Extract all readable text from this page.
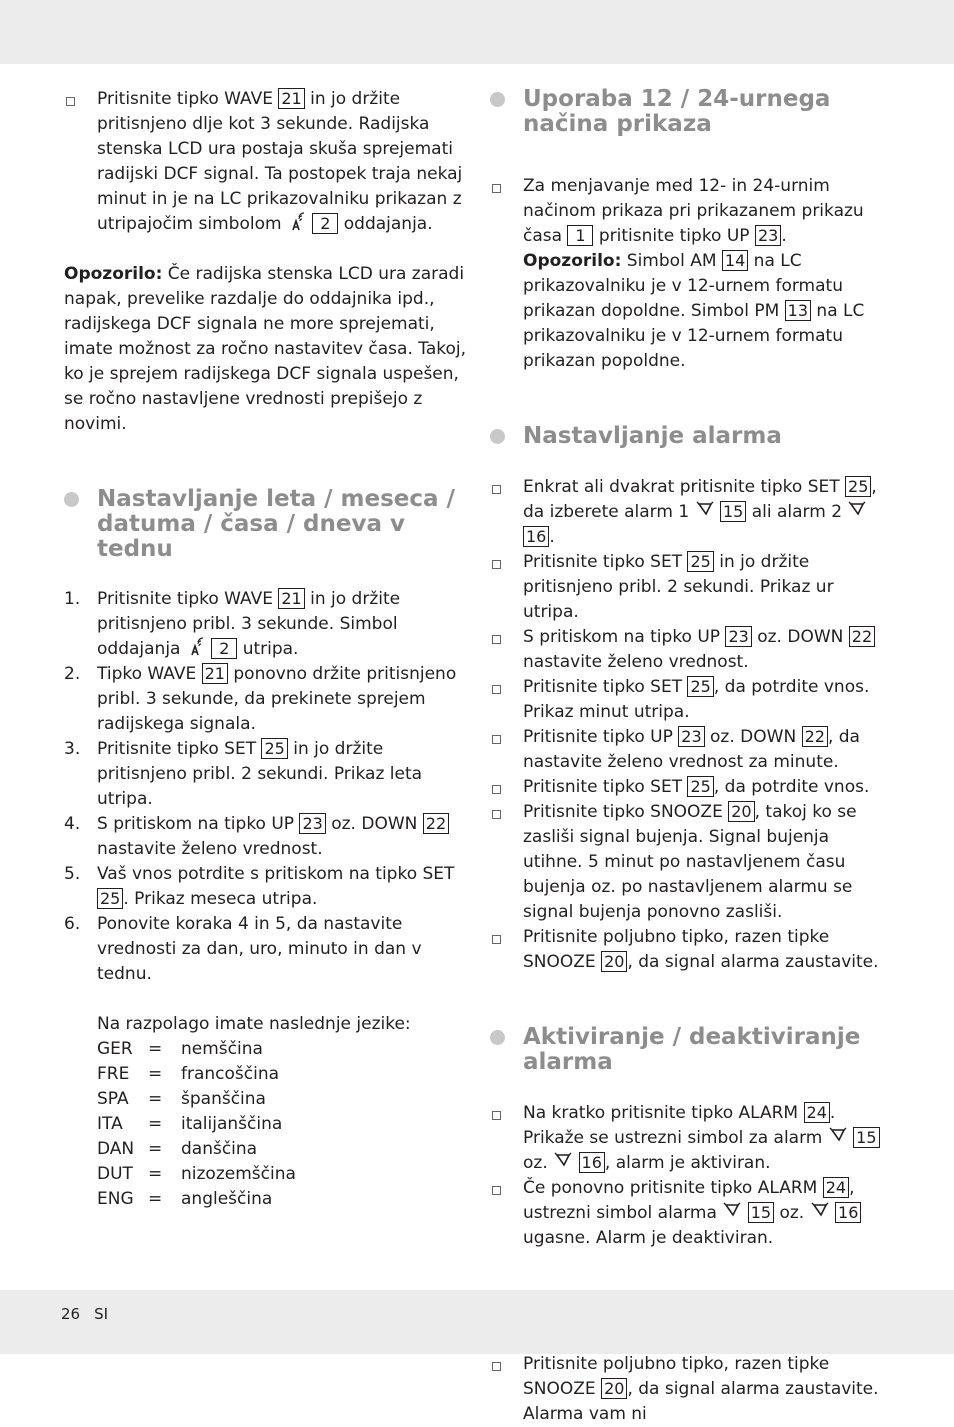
Pritisnite tipko WAVE 21 in jo držite pritisnjeno dlje kot 3 sekunde. Radijska stenska LCD ura postaja skuša sprejemati radijski DCF signal. Ta postopek traja nekaj minut in je na LC prikazovalniku prikazan z utripajočim simbolom 2 oddajanja.

Opozorilo: Če radijska stenska LCD ura zaradi napak, prevelike razdalje do oddajnika ipd., radijskega DCF signala ne more sprejemati, imate možnost za ročno nastavitev časa. Takoj, ko je sprejem radijskega DCF signala uspešen, se ročno nastavljene vrednosti prepišejo z novimi.

Nastavljanje leta / meseca / datuma / časa / dneva v tednu
1. Pritisnite tipko WAVE 21 in jo držite pritisnjeno pribl. 3 sekunde. Simbol oddajanja 2 utripa.
2. Tipko WAVE 21 ponovno držite pritisnjeno pribl. 3 sekunde, da prekinete sprejem radijskega signala.
3. Pritisnite tipko SET 25 in jo držite pritisnjeno pribl. 2 sekundi. Prikaz leta utripa.
4. S pritiskom na tipko UP 23 oz. DOWN 22 nastavite želeno vrednost.
5. Vaš vnos potrdite s pritiskom na tipko SET 25 . Prikaz meseca utripa.
6. Ponovite koraka 4 in 5, da nastavite vrednosti za dan, uro, minuto in dan v tednu.
Na razpolago imate naslednje jezike:
GER =	nemščina
FRE	=	francoščina
SPA	=	španščina
ITA	=	italijanščina
DAN =	danščina
DUT =	nizozemščina
ENG =	angleščina
Uporaba 12 / 24-urnega načina prikaza
Za menjavanje med 12- in 24-urnim načinom prikaza pri prikazanem prikazu časa 1 pritisnite tipko UP 23 .
Opozorilo: Simbol AM 14 na LC prikazovalniku je v 12-urnem formatu prikazan dopoldne. Simbol PM 13 na LC prikazovalniku je v 12-urnem formatu prikazan popoldne.
Nastavljanje alarma
Enkrat ali dvakrat pritisnite tipko SET 25 , da izberete alarm 1 15 ali alarm 2  16 .
Pritisnite tipko SET 25 in jo držite pritisnjeno pribl. 2 sekundi. Prikaz ur utripa.
S pritiskom na tipko UP 23 oz. DOWN 22 nastavite želeno vrednost.
Pritisnite tipko SET 25 , da potrdite vnos. Prikaz minut utripa.
Pritisnite tipko UP 23 oz. DOWN 22 , da nastavite želeno vrednost za minute.
Pritisnite tipko SET 25 , da potrdite vnos.
Pritisnite tipko SNOOZE 20 , takoj ko se zasliši signal bujenja. Signal bujenja utihne. 5 minut po nastavljenem času bujenja oz. po nastavljenem alarmu se signal bujenja ponovno zasliši.
Pritisnite poljubno tipko, razen tipke SNOOZE 20 , da signal alarma zaustavite.
Aktiviranje / deaktiviranje alarma
Na kratko pritisnite tipko ALARM 24 . Prikaže se ustrezni simbol za alarm 15 oz. 16 , alarm je aktiviran.
Če ponovno pritisnite tipko ALARM 24 , ustrezni simbol alarma 15 oz. 16 ugasne. Alarm je deaktiviran.
Pritisnite poljubno tipko, razen tipke SNOOZE 20 , da signal alarma zaustavite. Alarma vam ni
26 SI
